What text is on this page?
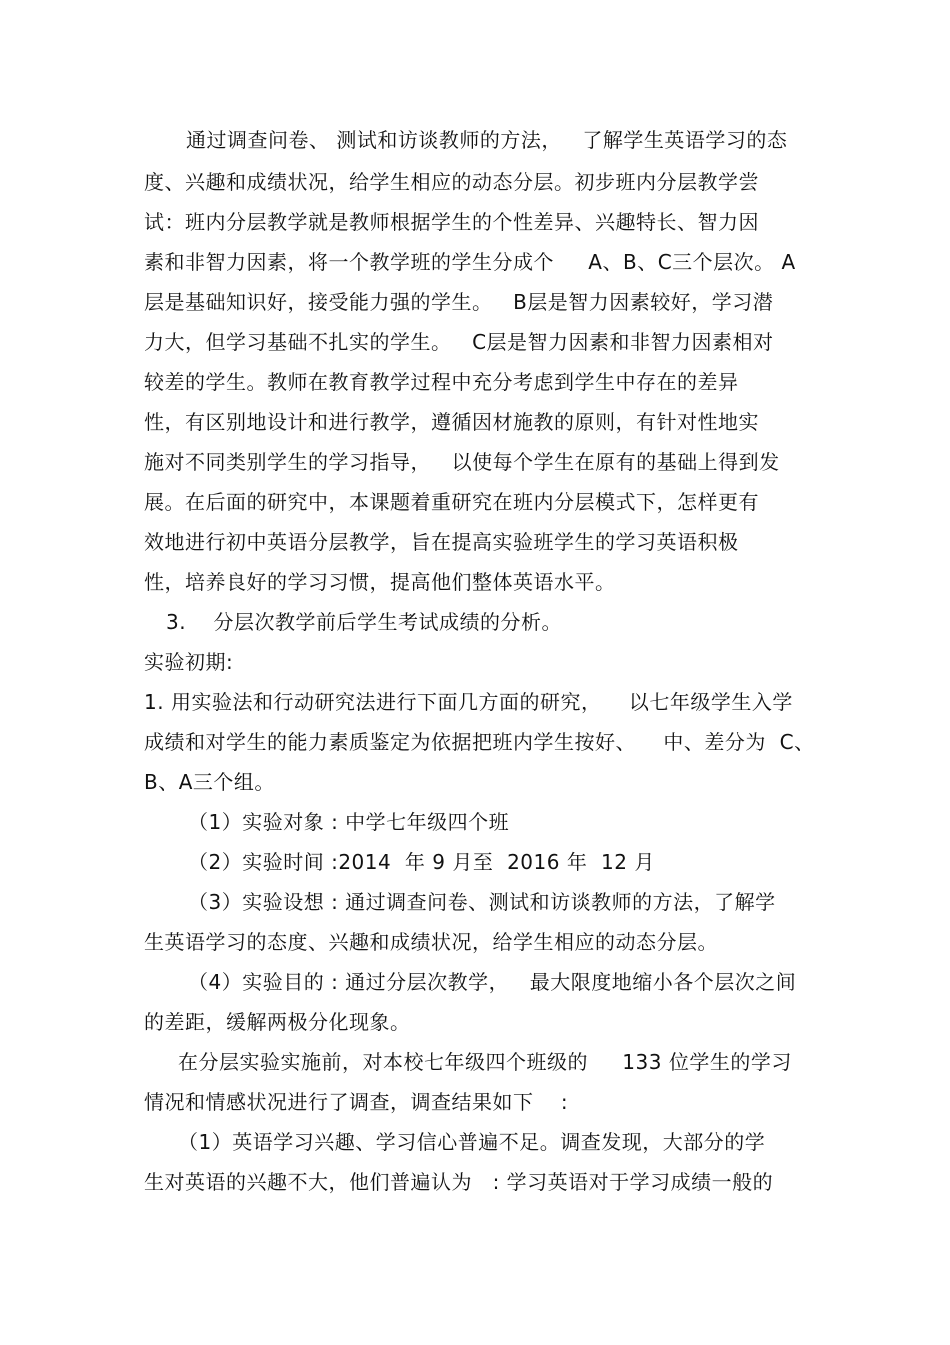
通过调查问卷、 测试和访谈教师的方法，   了解学生英语学习的态
度、兴趣和成绩状况，给学生相应的动态分层。初步班内分层教学尝
试：班内分层教学就是教师根据学生的个性差异、兴趣特长、智力因
素和非智力因素，将一个教学班的学生分成个     A、B、C三个层次。 A
层是基础知识好，接受能力强的学生。   B层是智力因素较好，学习潜
力大，但学习基础不扎实的学生。   C层是智力因素和非智力因素相对
较差的学生。教师在教育教学过程中充分考虑到学生中存在的差异
性，有区别地设计和进行教学，遵循因材施教的原则，有针对性地实
施对不同类别学生的学习指导，   以使每个学生在原有的基础上得到发
展。在后面的研究中，本课题着重研究在班内分层模式下，怎样更有
效地进行初中英语分层教学，旨在提高实验班学生的学习英语积极
性，培养良好的学习习惯，提高他们整体英语水平。
3.    分层次教学前后学生考试成绩的分析。
实验初期:
1. 用实验法和行动研究法进行下面几方面的研究，    以七年级学生入学
成绩和对学生的能力素质鉴定为依据把班内学生按好、    中、差分为  C、
B、A三个组。
（1）实验对象 : 中学七年级四个班
（2）实验时间 :2014  年 9 月至  2016 年  12 月
（3）实验设想 : 通过调查问卷、测试和访谈教师的方法，了解学
生英语学习的态度、兴趣和成绩状况，给学生相应的动态分层。
（4）实验目的 : 通过分层次教学，   最大限度地缩小各个层次之间
的差距，缓解两极分化现象。
在分层实验实施前，对本校七年级四个班级的     133 位学生的学习
情况和情感状况进行了调查，调查结果如下    :
（1）英语学习兴趣、学习信心普遍不足。调查发现，大部分的学
生对英语的兴趣不大，他们普遍认为   : 学习英语对于学习成绩一般的
